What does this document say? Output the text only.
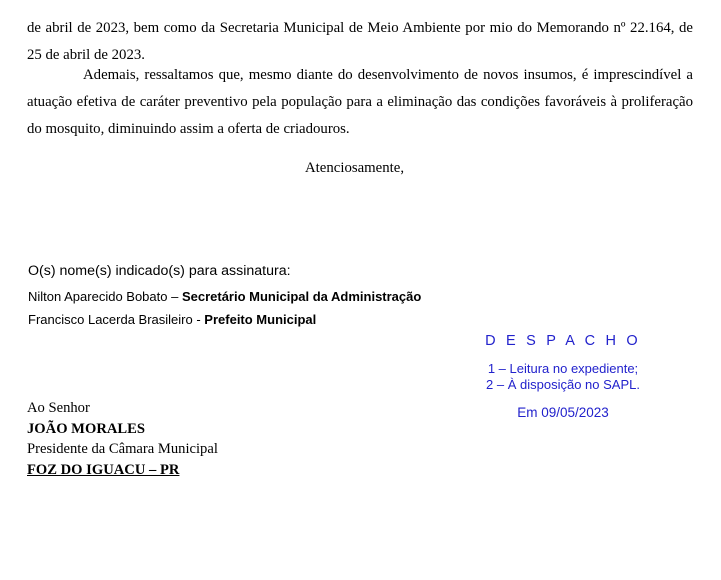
de abril de 2023, bem como da Secretaria Municipal de Meio Ambiente por mio do Memorando nº 22.164, de 25 de abril de 2023.

Ademais, ressaltamos que, mesmo diante do desenvolvimento de novos insumos, é imprescindível a atuação efetiva de caráter preventivo pela população para a eliminação das condições favoráveis à proliferação do mosquito, diminuindo assim a oferta de criadouros.

Atenciosamente,
O(s) nome(s) indicado(s) para assinatura:
Nilton Aparecido Bobato – Secretário Municipal da Administração
Francisco Lacerda Brasileiro - Prefeito Municipal
D E S P A C H O
1 – Leitura no expediente;
2 – À disposição no SAPL.
Em 09/05/2023
Ao Senhor
JOÃO MORALES
Presidente da Câmara Municipal
FOZ DO IGUACU – PR
